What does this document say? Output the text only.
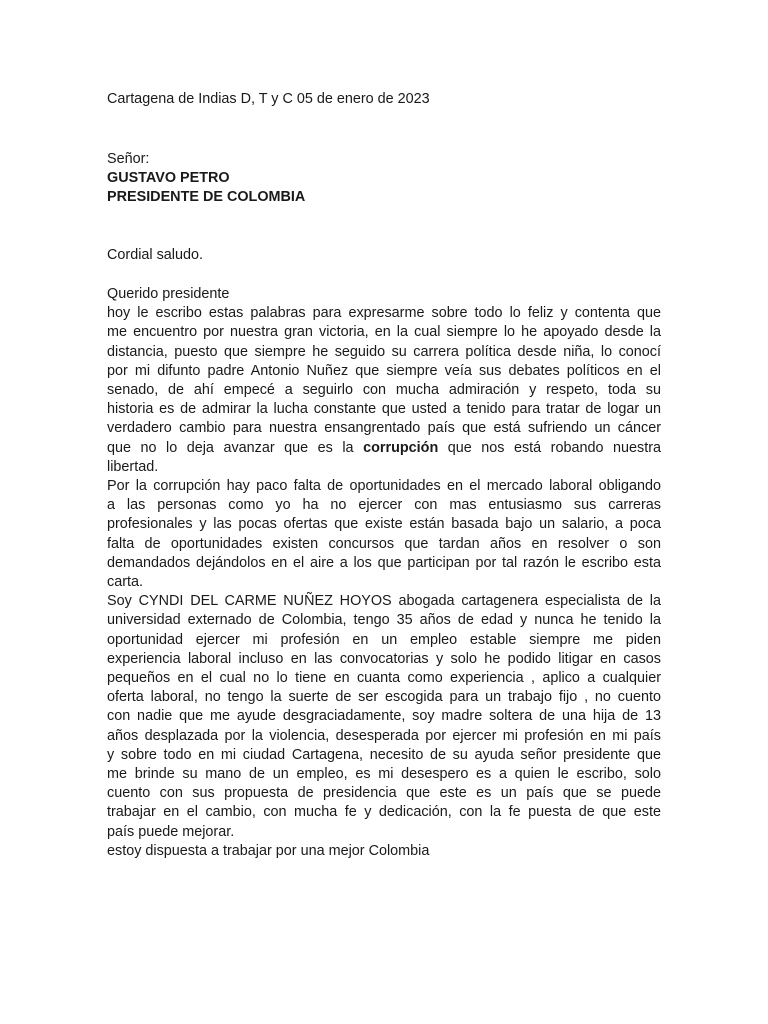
Cartagena de Indias D, T y C 05 de enero de 2023
Señor:
GUSTAVO PETRO
PRESIDENTE DE COLOMBIA
Cordial saludo.
Querido presidente
hoy le escribo estas palabras para expresarme sobre todo lo feliz y contenta que
me encuentro por nuestra gran victoria, en la cual siempre lo he apoyado desde la
distancia, puesto que siempre he seguido su carrera política desde niña, lo conocí
por mi difunto padre Antonio Nuñez que siempre veía sus debates políticos en el
senado, de ahí empecé a seguirlo con mucha admiración y respeto, toda su
historia es de admirar la lucha constante que usted a tenido para tratar de logar un
verdadero cambio para nuestra ensangrentado país que está sufriendo un cáncer
que no lo deja avanzar que es la corrupción que nos está robando nuestra
libertad.
Por la corrupción hay paco falta de oportunidades en el mercado laboral obligando
a las personas como yo ha no ejercer con mas entusiasmo sus carreras
profesionales y las pocas ofertas que existe están basada bajo un salario, a poca
falta de oportunidades existen concursos que tardan años en resolver o son
demandados dejándolos en el aire a los que participan por tal razón le escribo esta
carta.
Soy CYNDI DEL CARME NUÑEZ HOYOS abogada cartagenera especialista de la
universidad externado de Colombia, tengo 35 años de edad y nunca he tenido la
oportunidad ejercer mi profesión en un empleo estable siempre me piden
experiencia laboral incluso en las convocatorias y solo he podido litigar en casos
pequeños en el cual no lo tiene en cuanta como experiencia , aplico a cualquier
oferta laboral, no tengo la suerte de ser escogida para un trabajo fijo , no cuento
con nadie que me ayude desgraciadamente, soy madre soltera de una hija de 13
años desplazada por la violencia, desesperada por ejercer mi profesión en mi país
y sobre todo en mi ciudad Cartagena, necesito de su ayuda señor presidente que
me brinde su mano de un empleo, es mi desespero es a quien le escribo, solo
cuento con sus propuesta de presidencia que este es un país que se puede
trabajar en el cambio, con mucha fe y dedicación, con la fe puesta de que este
país puede mejorar.
estoy dispuesta a trabajar por una mejor Colombia
